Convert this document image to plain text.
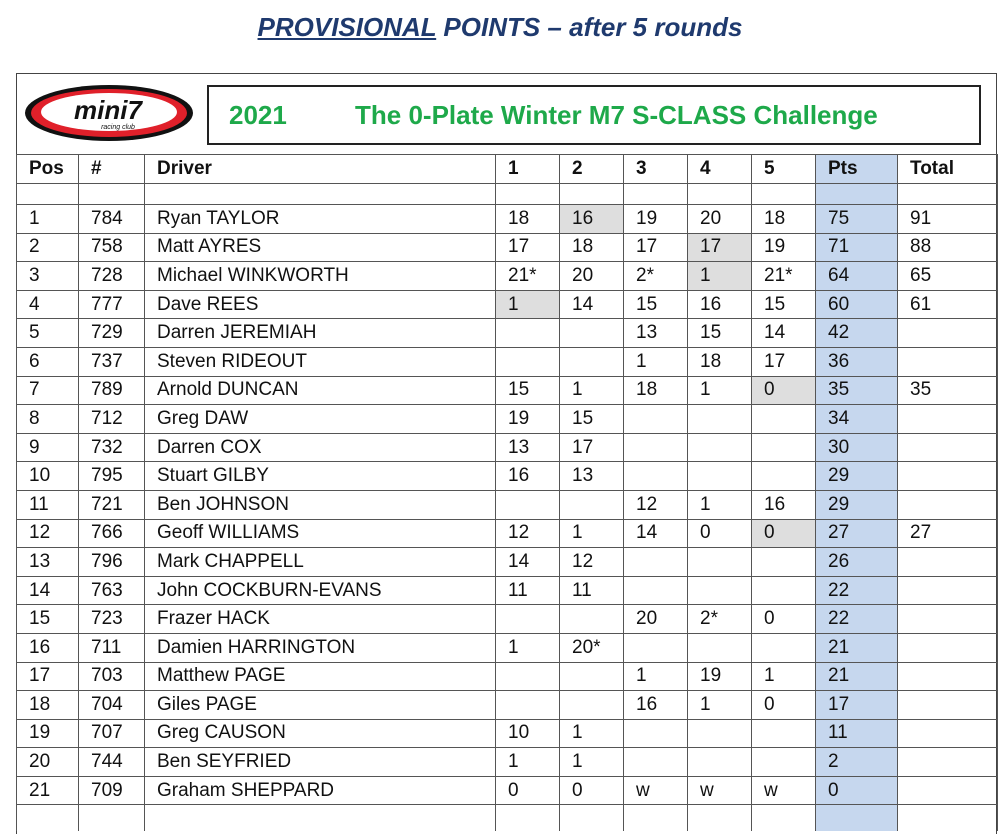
PROVISIONAL POINTS – after 5 rounds
mini7
racing club	2021	The 0-Plate Winter M7 S-CLASS Challenge
Pos	#	Driver	1	2	3	4	5	Pts	Total

1	784	Ryan TAYLOR	18	16	19	20	18	75	91
2	758	Matt AYRES	17	18	17	17	19	71	88
3	728	Michael WINKWORTH	21*	20	2*	1	21*	64	65
4	777	Dave REES	1	14	15	16	15	60	61
5	729	Darren JEREMIAH			13	15	14	42	
6	737	Steven RIDEOUT			1	18	17	36	
7	789	Arnold DUNCAN	15	1	18	1	0	35	35
8	712	Greg DAW	19	15				34	
9	732	Darren COX	13	17				30	
10	795	Stuart GILBY	16	13				29	
11	721	Ben JOHNSON			12	1	16	29	
12	766	Geoff WILLIAMS	12	1	14	0	0	27	27
13	796	Mark CHAPPELL	14	12				26	
14	763	John COCKBURN-EVANS	11	11				22	
15	723	Frazer HACK			20	2*	0	22	
16	711	Damien HARRINGTON	1	20*				21	
17	703	Matthew PAGE			1	19	1	21	
18	704	Giles PAGE			16	1	0	17	
19	707	Greg CAUSON	10	1				11	
20	744	Ben SEYFRIED	1	1				2	
21	709	Graham SHEPPARD	0	0	w	w	w	0	
